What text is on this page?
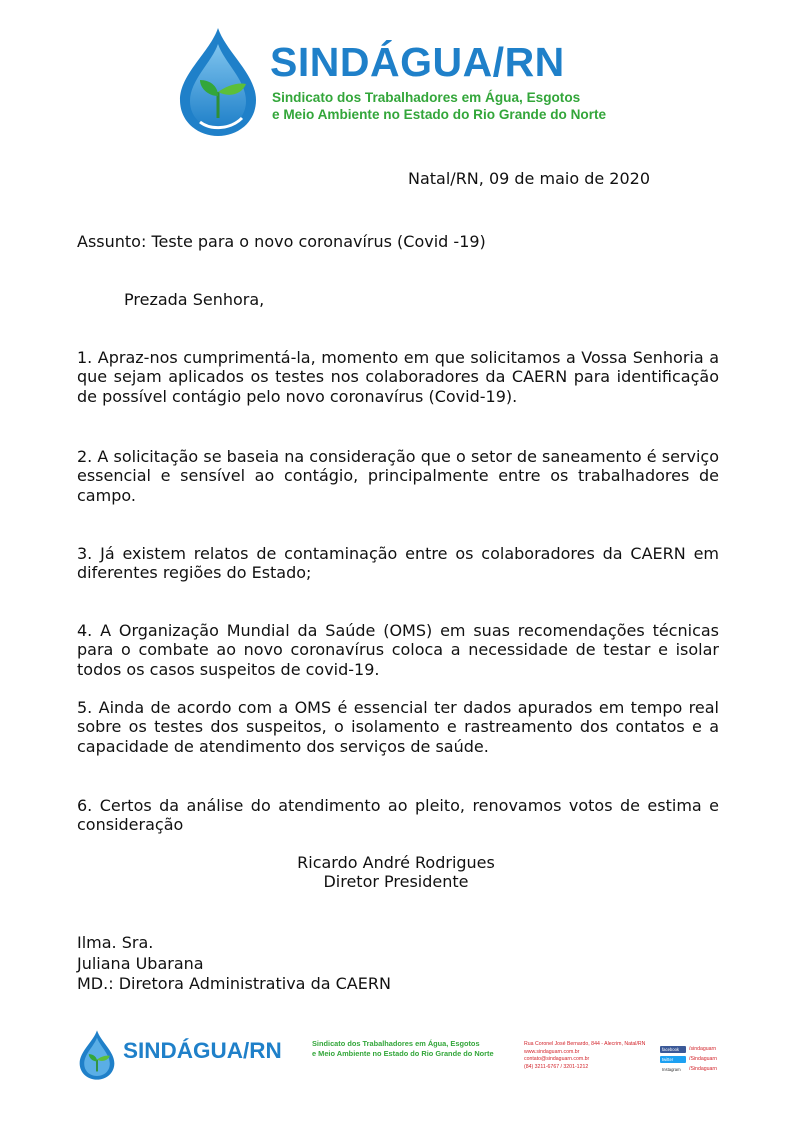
SINDÁGUA/RN
Sindicato dos Trabalhadores em Água, Esgotos
e Meio Ambiente no Estado do Rio Grande do Norte

Natal/RN, 09 de maio de 2020

Assunto: Teste para o novo coronavírus (Covid -19)

Prezada Senhora,

1. Apraz-nos cumprimentá-la, momento em que solicitamos a Vossa Senhoria a que sejam aplicados os testes nos colaboradores da CAERN para identificação de possível contágio pelo novo coronavírus (Covid-19).

2. A solicitação se baseia na consideração que o setor de saneamento é serviço essencial e sensível ao contágio, principalmente entre os trabalhadores de campo.

3. Já existem relatos de contaminação entre os colaboradores da CAERN em diferentes regiões do Estado;

4. A Organização Mundial da Saúde (OMS) em suas recomendações técnicas para o combate ao novo coronavírus coloca a necessidade de testar e isolar todos os casos suspeitos de covid-19.

5. Ainda de acordo com a OMS é essencial ter dados apurados em tempo real sobre os testes dos suspeitos, o isolamento e rastreamento dos contatos e a capacidade de atendimento dos serviços de saúde.

6. Certos da análise do atendimento ao pleito, renovamos votos de estima e consideração

Ricardo André Rodrigues
Diretor Presidente
Ilma. Sra.
Juliana Ubarana
MD.: Diretora Administrativa da CAERN
SINDÁGUA/RN	Sindicato dos Trabalhadores em Água, Esgotos
e Meio Ambiente no Estado do Rio Grande do Norte
Rua Coronel José Bernardo, 844 - Alecrim, Natal/RN
www.sindaguarn.com.br
contato@sindaguarn.com.br
(84) 3211-6767 / 3201-1212
facebook	/sindaguarn
twitter	/Sindaguarn
Instagram	/Sindaguarn
